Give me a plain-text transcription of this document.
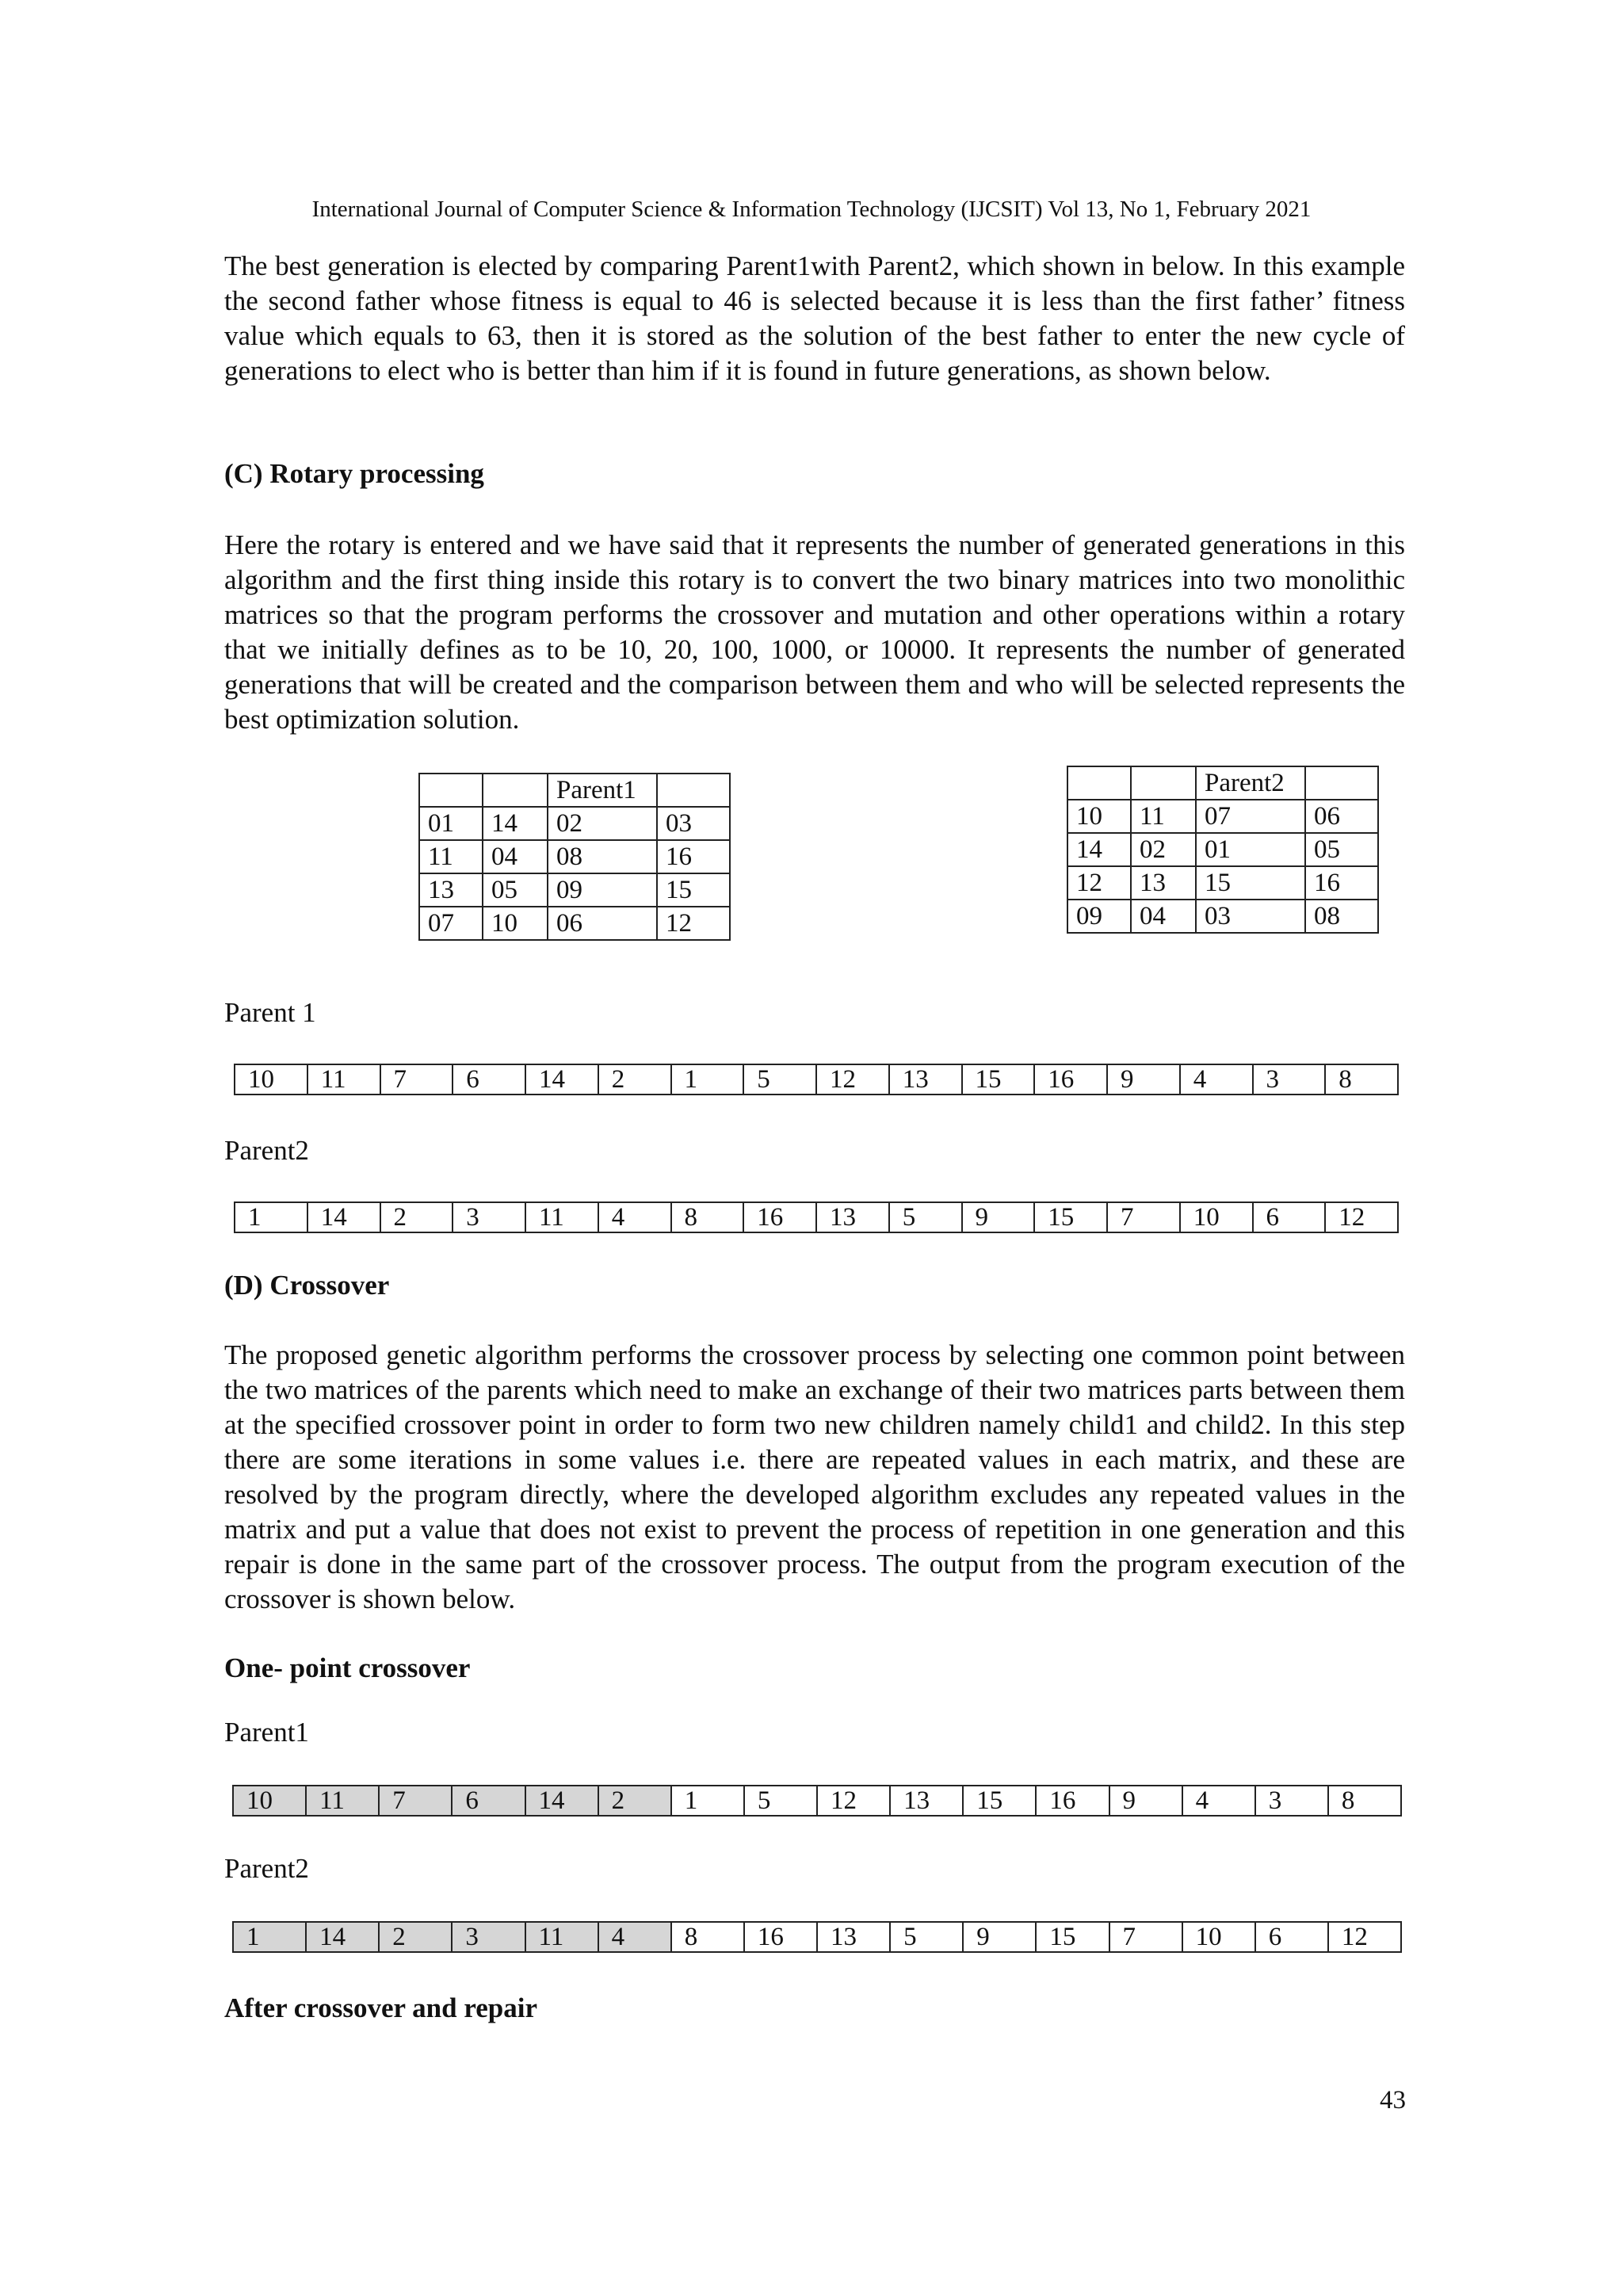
International Journal of Computer Science & Information Technology (IJCSIT) Vol 13, No 1, February 2021

The best generation is elected by comparing Parent1with Parent2, which shown in below. In this example the second father whose fitness is equal to 46 is selected because it is less than the first father’ fitness value which equals to 63, then it is stored as the solution of the best father to enter the new cycle of generations to elect who is better than him if it is found in future generations, as shown below.

(C) Rotary processing

Here the rotary is entered and we have said that it represents the number of generated generations in this algorithm and the first thing inside this rotary is to convert the two binary matrices into two monolithic matrices so that the program performs the crossover and mutation and other operations within a rotary that we initially defines as to be 10, 20, 100, 1000, or 10000. It represents the number of generated generations that will be created and the comparison between them and who will be selected represents the best optimization solution.

		Parent1	
01	14	02	03
11	04	08	16
13	05	09	15
07	10	06	12
		Parent2	
10	11	07	06
14	02	01	05
12	13	15	16
09	04	03	08

Parent 1

10	11	7	6	14	2	1	5	12	13	15	16	9	4	3	8

Parent2

1	14	2	3	11	4	8	16	13	5	9	15	7	10	6	12

(D) Crossover

The proposed genetic algorithm performs the crossover process by selecting one common point between the two matrices of the parents which need to make an exchange of their two matrices parts between them at the specified crossover point in order to form two new children namely child1 and child2. In this step there are some iterations in some values i.e. there are repeated values in each matrix, and these are resolved by the program directly, where the developed algorithm excludes any repeated values in the matrix and put a value that does not exist to prevent the process of repetition in one generation and this repair is done in the same part of the crossover process. The output from the program execution of the crossover is shown below.

One- point crossover

Parent1

10	11	7	6	14	2	1	5	12	13	15	16	9	4	3	8

Parent2

1	14	2	3	11	4	8	16	13	5	9	15	7	10	6	12

After crossover and repair

43
